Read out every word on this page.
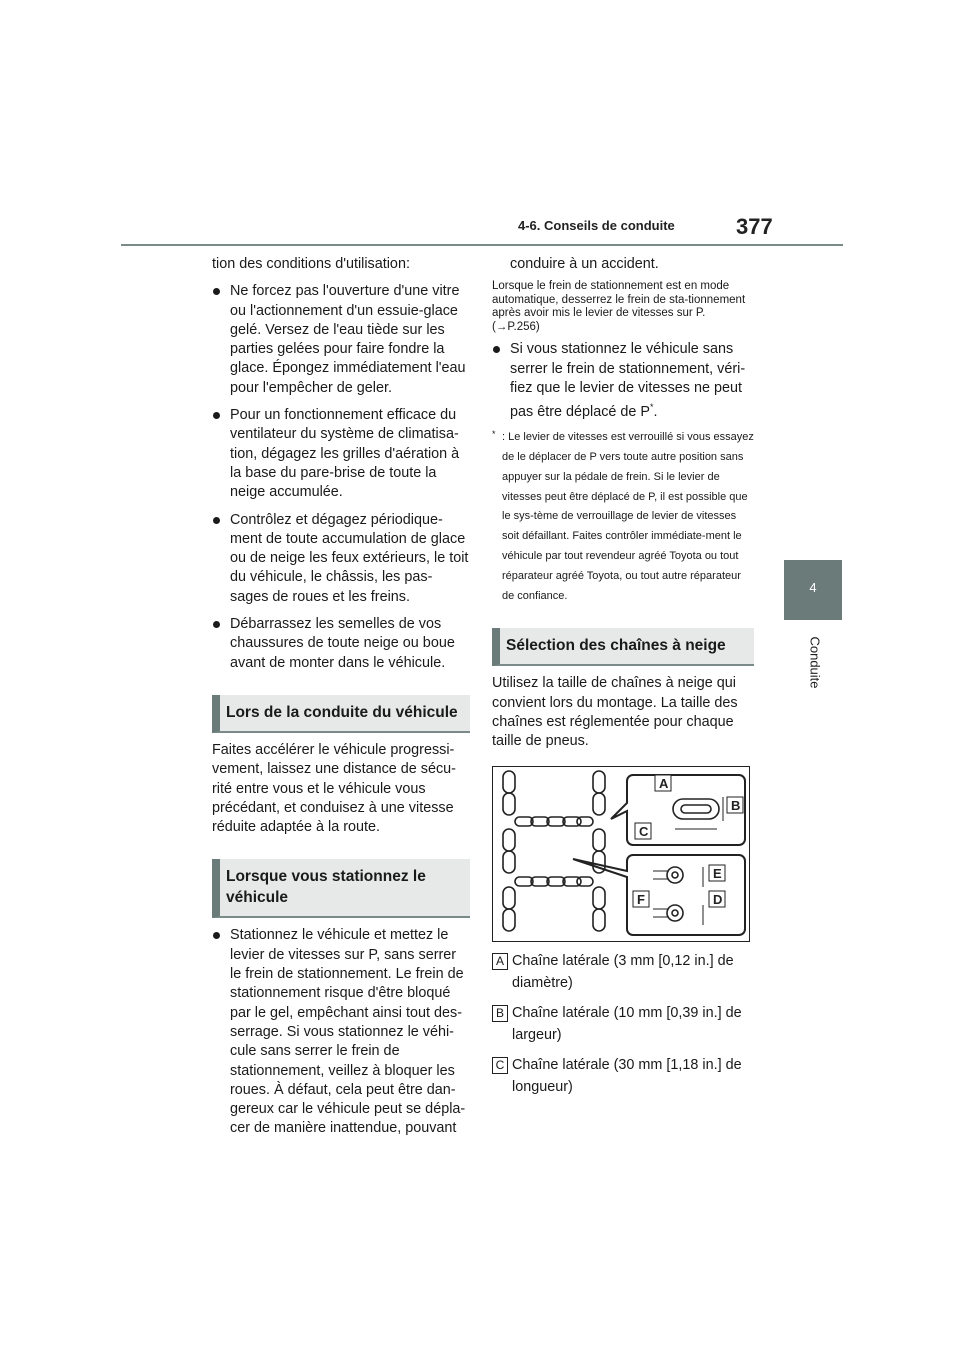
4-6. Conseils de conduite	377
4
Conduite

tion des conditions d'utilisation:

Ne forcez pas l'ouverture d'une vitre ou l'actionnement d'un essuie-glace gelé. Versez de l'eau tiède sur les parties gelées pour faire fondre la glace. Épongez immédiatement l'eau pour l'empêcher de geler.
Pour un fonctionnement efficace du ventilateur du système de climatisa-tion, dégagez les grilles d'aération à la base du pare-brise de toute la neige accumulée.
Contrôlez et dégagez périodique-ment de toute accumulation de glace ou de neige les feux extérieurs, le toit du véhicule, le châssis, les pas-sages de roues et les freins.
Débarrassez les semelles de vos chaussures de toute neige ou boue avant de monter dans le véhicule.
Lors de la conduite du véhicule

Faites accélérer le véhicule progressi-vement, laissez une distance de sécu-rité entre vous et le véhicule vous précédant, et conduisez à une vitesse réduite adaptée à la route.

Lorsque vous stationnez le véhicule
Stationnez le véhicule et mettez le levier de vitesses sur P, sans serrer le frein de stationnement. Le frein de stationnement risque d'être bloqué par le gel, empêchant ainsi tout des-serrage. Si vous stationnez le véhi-cule sans serrer le frein de stationnement, veillez à bloquer les roues. À défaut, cela peut être dan-gereux car le véhicule peut se dépla-cer de manière inattendue, pouvant

conduire à un accident.

Lorsque le frein de stationnement est en mode automatique, desserrez le frein de sta-tionnement après avoir mis le levier de vitesses sur P. (→P.256)

Si vous stationnez le véhicule sans serrer le frein de stationnement, véri-fiez que le levier de vitesses ne peut pas être déplacé de P*.
* : Le levier de vitesses est verrouillé si vous essayez de le déplacer de P vers toute autre position sans appuyer sur la pédale de frein. Si le levier de vitesses peut être déplacé de P, il est possible que le sys-tème de verrouillage de levier de vitesses soit défaillant. Faites contrôler immédiate-ment le véhicule par tout revendeur agréé Toyota ou tout réparateur agréé Toyota, ou tout autre réparateur de confiance.
Sélection des chaînes à neige

Utilisez la taille de chaînes à neige qui convient lors du montage. La taille des chaînes est réglementée pour chaque taille de pneus.

A
B
C
E
F	D
A Chaîne latérale (3 mm [0,12 in.] de diamètre)
B Chaîne latérale (10 mm [0,39 in.] de largeur)
C Chaîne latérale (30 mm [1,18 in.] de longueur)
